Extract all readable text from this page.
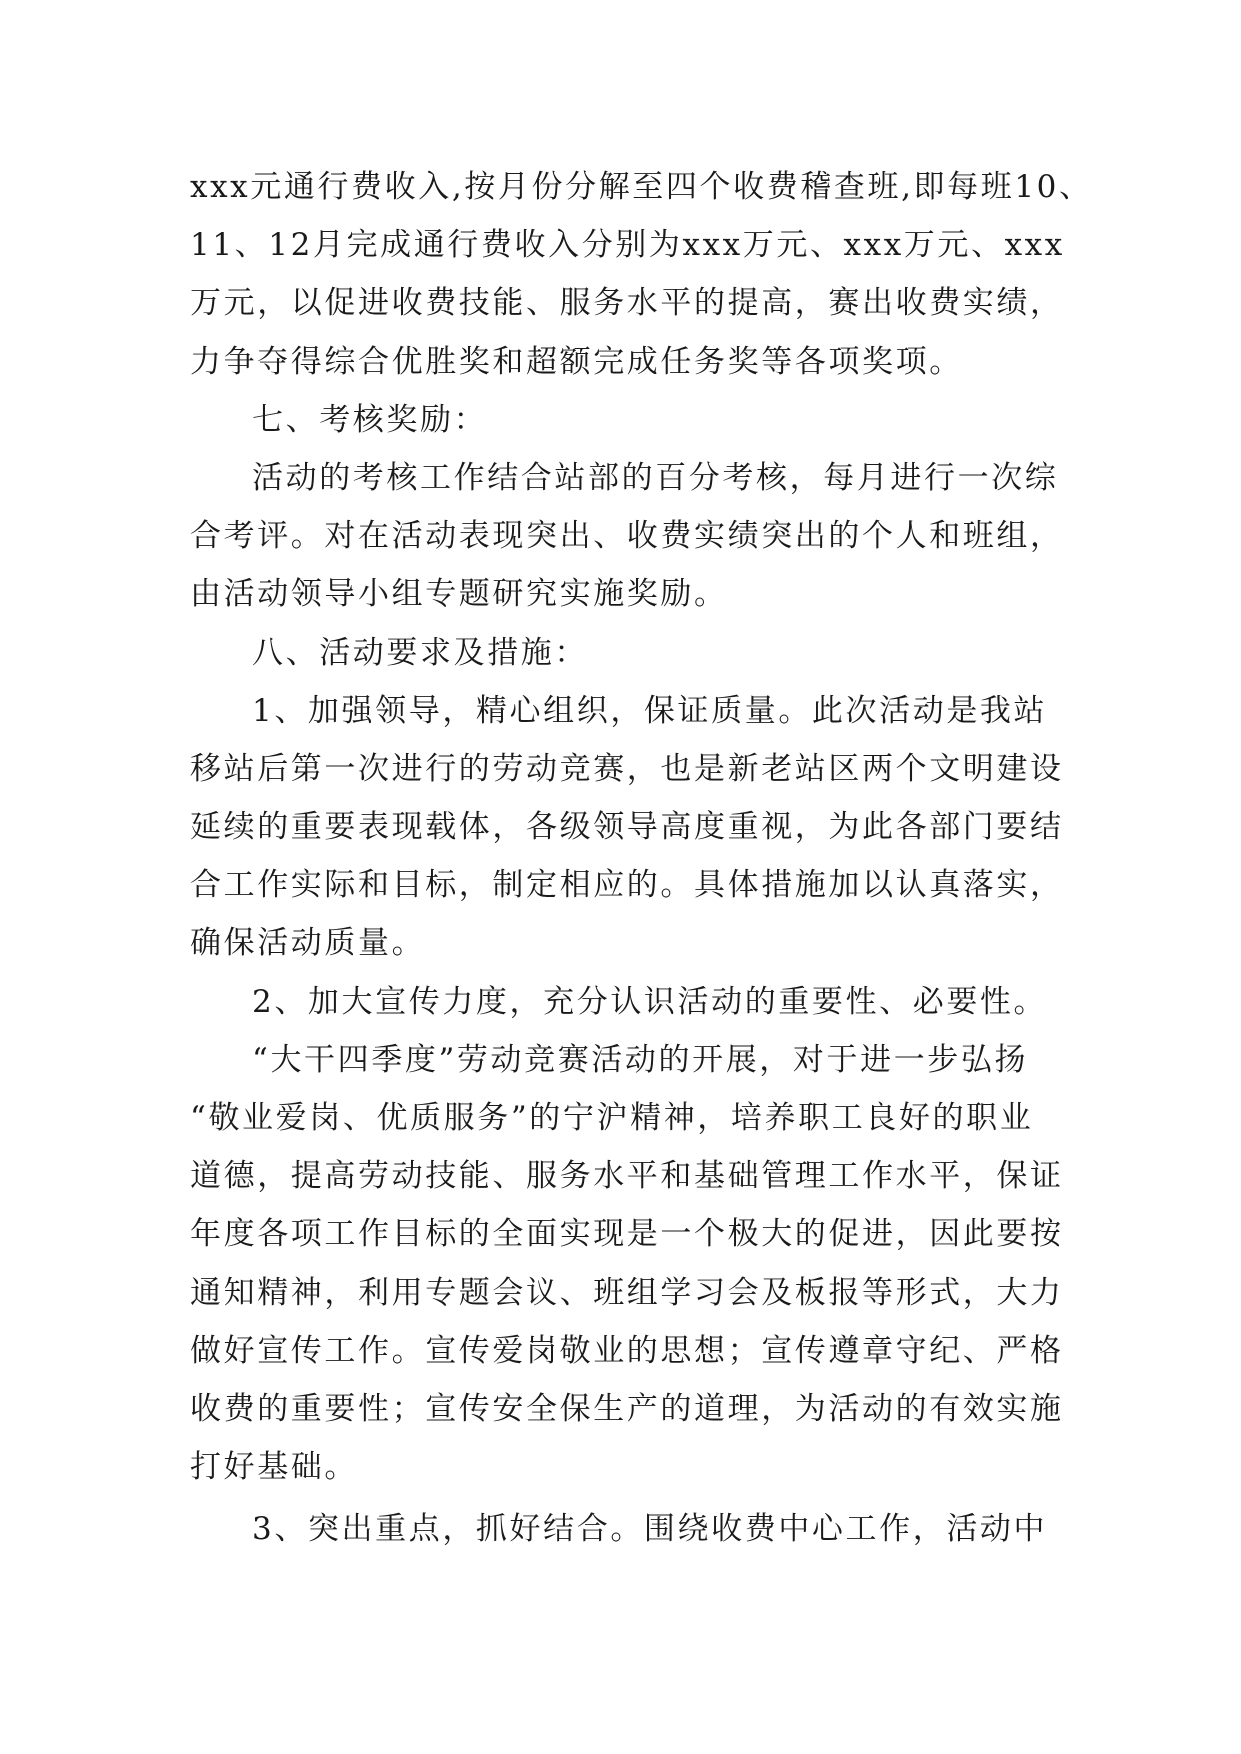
xxx元通行费收入,按月份分解至四个收费稽查班,即每班10、
11、12月完成通行费收入分别为xxx万元、xxx万元、xxx
万元，以促进收费技能、服务水平的提高，赛出收费实绩，
力争夺得综合优胜奖和超额完成任务奖等各项奖项。
七、考核奖励：
活动的考核工作结合站部的百分考核，每月进行一次综
合考评。对在活动表现突出、收费实绩突出的个人和班组，
由活动领导小组专题研究实施奖励。
八、活动要求及措施：
1、加强领导，精心组织，保证质量。此次活动是我站
移站后第一次进行的劳动竞赛，也是新老站区两个文明建设
延续的重要表现载体，各级领导高度重视，为此各部门要结
合工作实际和目标，制定相应的。具体措施加以认真落实，
确保活动质量。
2、加大宣传力度，充分认识活动的重要性、必要性。
“大干四季度”劳动竞赛活动的开展，对于进一步弘扬
“敬业爱岗、优质服务”的宁沪精神，培养职工良好的职业
道德，提高劳动技能、服务水平和基础管理工作水平，保证
年度各项工作目标的全面实现是一个极大的促进，因此要按
通知精神，利用专题会议、班组学习会及板报等形式，大力
做好宣传工作。宣传爱岗敬业的思想；宣传遵章守纪、严格
收费的重要性；宣传安全保生产的道理，为活动的有效实施
打好基础。
3、突出重点，抓好结合。围绕收费中心工作，活动中
